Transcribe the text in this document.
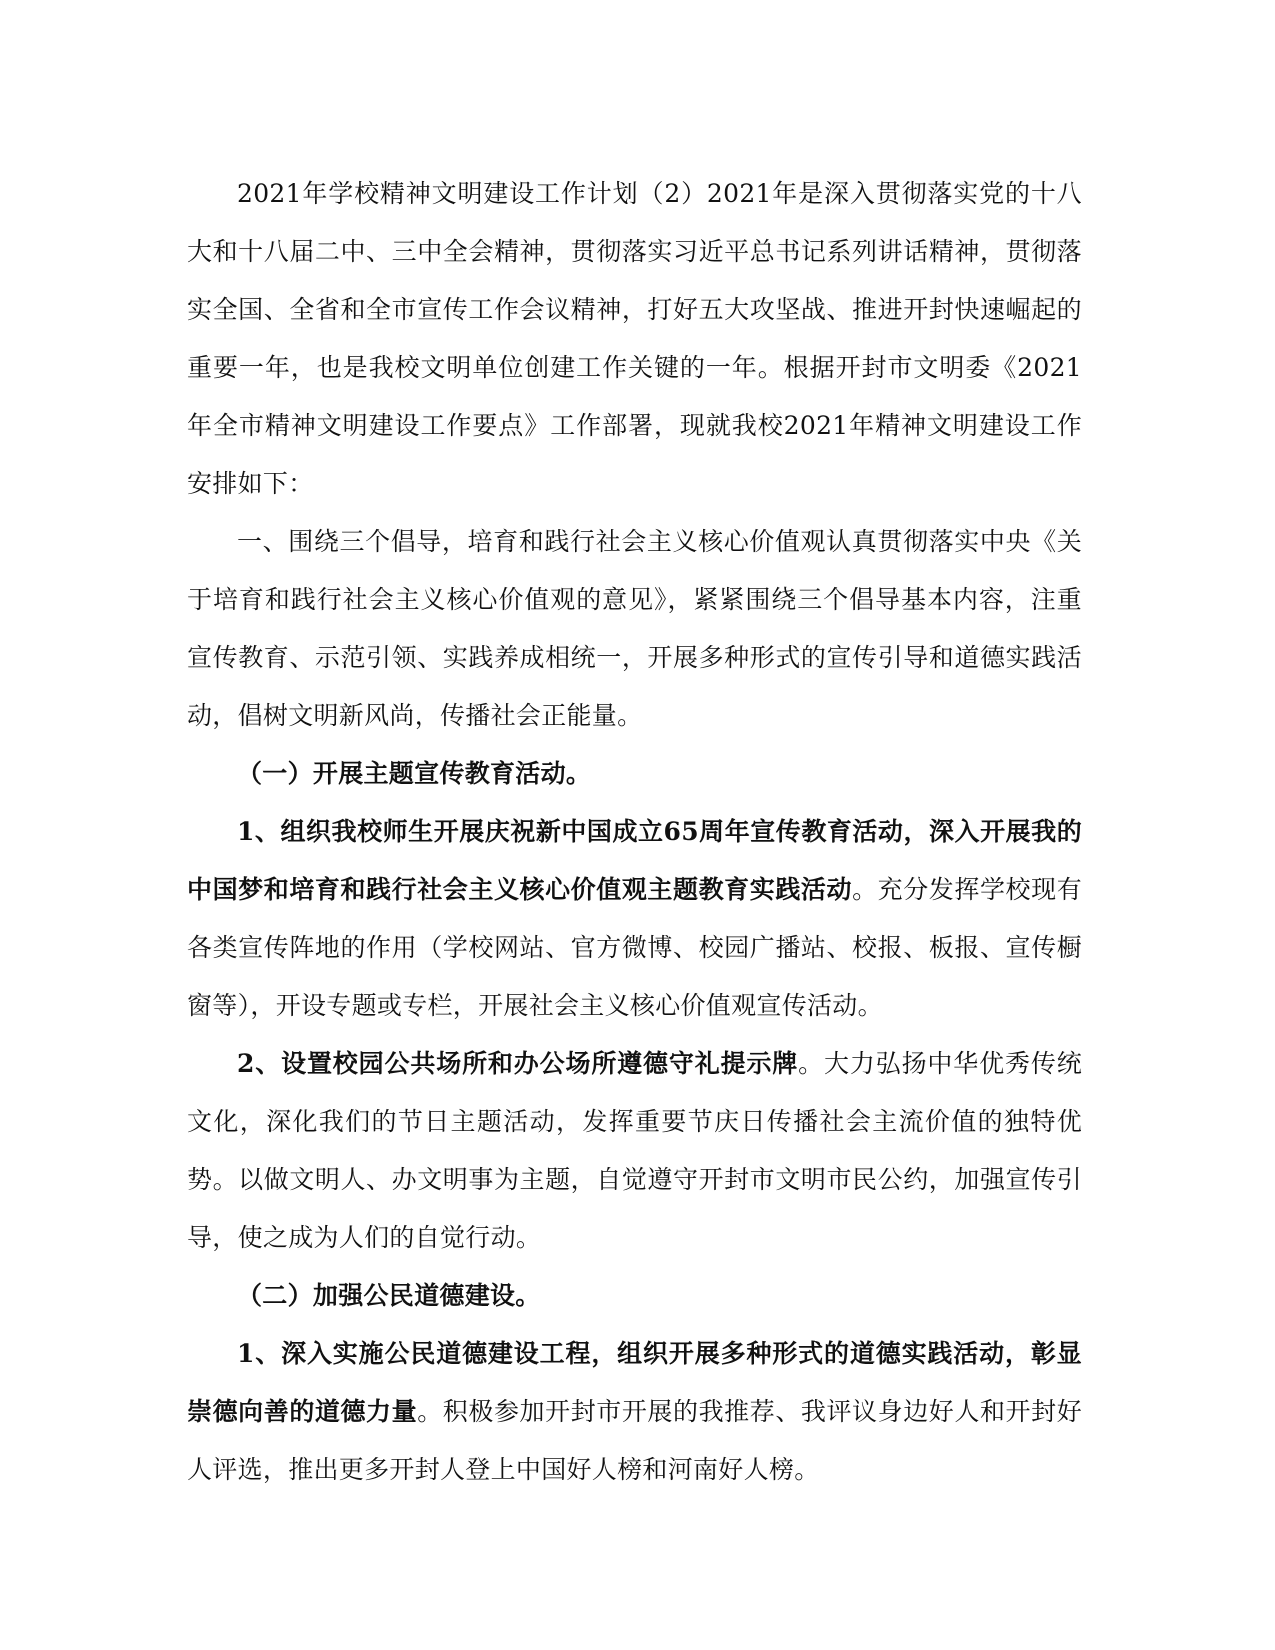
2021年学校精神文明建设工作计划（2）2021年是深入贯彻落实党的十八大和十八届二中、三中全会精神，贯彻落实习近平总书记系列讲话精神，贯彻落实全国、全省和全市宣传工作会议精神，打好五大攻坚战、推进开封快速崛起的重要一年，也是我校文明单位创建工作关键的一年。根据开封市文明委《2021年全市精神文明建设工作要点》工作部署，现就我校2021年精神文明建设工作安排如下：

一、围绕三个倡导，培育和践行社会主义核心价值观认真贯彻落实中央《关于培育和践行社会主义核心价值观的意见》，紧紧围绕三个倡导基本内容，注重宣传教育、示范引领、实践养成相统一，开展多种形式的宣传引导和道德实践活动，倡树文明新风尚，传播社会正能量。

（一）开展主题宣传教育活动。

1、组织我校师生开展庆祝新中国成立65周年宣传教育活动，深入开展我的中国梦和培育和践行社会主义核心价值观主题教育实践活动。充分发挥学校现有各类宣传阵地的作用（学校网站、官方微博、校园广播站、校报、板报、宣传橱窗等），开设专题或专栏，开展社会主义核心价值观宣传活动。

2、设置校园公共场所和办公场所遵德守礼提示牌。大力弘扬中华优秀传统文化，深化我们的节日主题活动，发挥重要节庆日传播社会主流价值的独特优势。以做文明人、办文明事为主题，自觉遵守开封市文明市民公约，加强宣传引导，使之成为人们的自觉行动。

（二）加强公民道德建设。

1、深入实施公民道德建设工程，组织开展多种形式的道德实践活动，彰显崇德向善的道德力量。积极参加开封市开展的我推荐、我评议身边好人和开封好人评选，推出更多开封人登上中国好人榜和河南好人榜。
